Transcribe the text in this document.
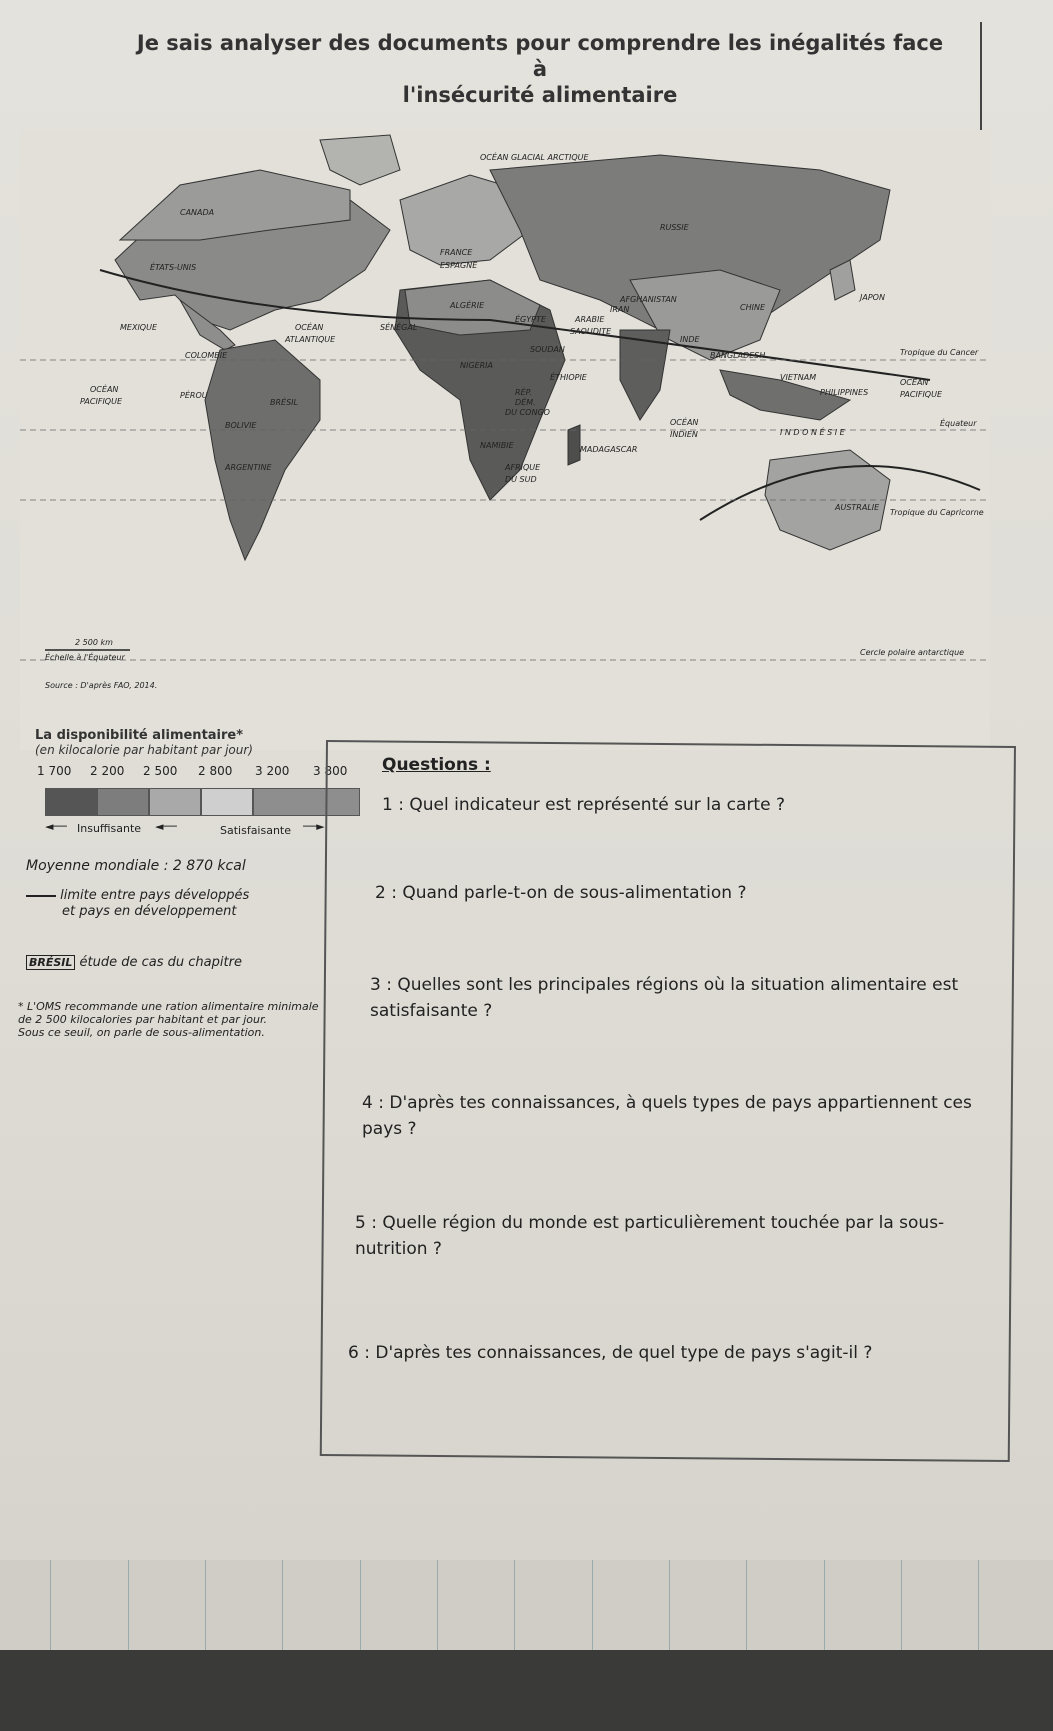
Je sais analyser des documents pour comprendre les inégalités face à
l'insécurité alimentaire
OCÉAN GLACIAL ARCTIQUE
CANADA
ÉTATS-UNIS
MEXIQUE	OCÉAN
ATLANTIQUE
COLOMBIE
OCÉAN
PACIFIQUE
PÉROU
BRÉSIL
BOLIVIE
ARGENTINE
RUSSIE
FRANCE
ESPAGNE
ALGÉRIE
SÉNÉGAL
ÉGYPTE	ARABIE
SAOUDITE
AFGHANISTAN
IRAN	CHINE
JAPON
INDE
BANGLADESH
SOUDAN
NIGERIA
ÉTHIOPIE
RÉP.
DÉM.
DU CONGO
VIETNAM
PHILIPPINES
OCÉAN
PACIFIQUE
OCÉAN
INDIEN	I N D O N É S I E
NAMIBIE	MADAGASCAR
AFRIQUE
DU SUD
AUSTRALIE
Tropique du Cancer
Équateur
Tropique du Capricorne
Cercle polaire antarctique
2 500 km
Échelle à l'Équateur
Source : D'après FAO, 2014.
La disponibilité alimentaire*
(en kilocalorie par habitant par jour)
1 700 2 200 2 500 2 800 3 200 3 800
◄── Insuffisante ◄──	Satisfaisante ──►
Moyenne mondiale : 2 870 kcal
limite entre pays développés
et pays en développement
BRÉSIL étude de cas du chapitre
* L'OMS recommande une ration alimentaire minimale
de 2 500 kilocalories par habitant et par jour.
Sous ce seuil, on parle de sous-alimentation.
Questions :
1 : Quel indicateur est représenté sur la carte ?
2 : Quand parle-t-on de sous-alimentation ?
3 : Quelles sont les principales régions où la situation alimentaire est
satisfaisante ?
4 : D'après tes connaissances, à quels types de pays appartiennent ces
pays ?
5 : Quelle région du monde est particulièrement touchée par la sous-
nutrition ?
6 : D'après tes connaissances, de quel type de pays s'agit-il ?
